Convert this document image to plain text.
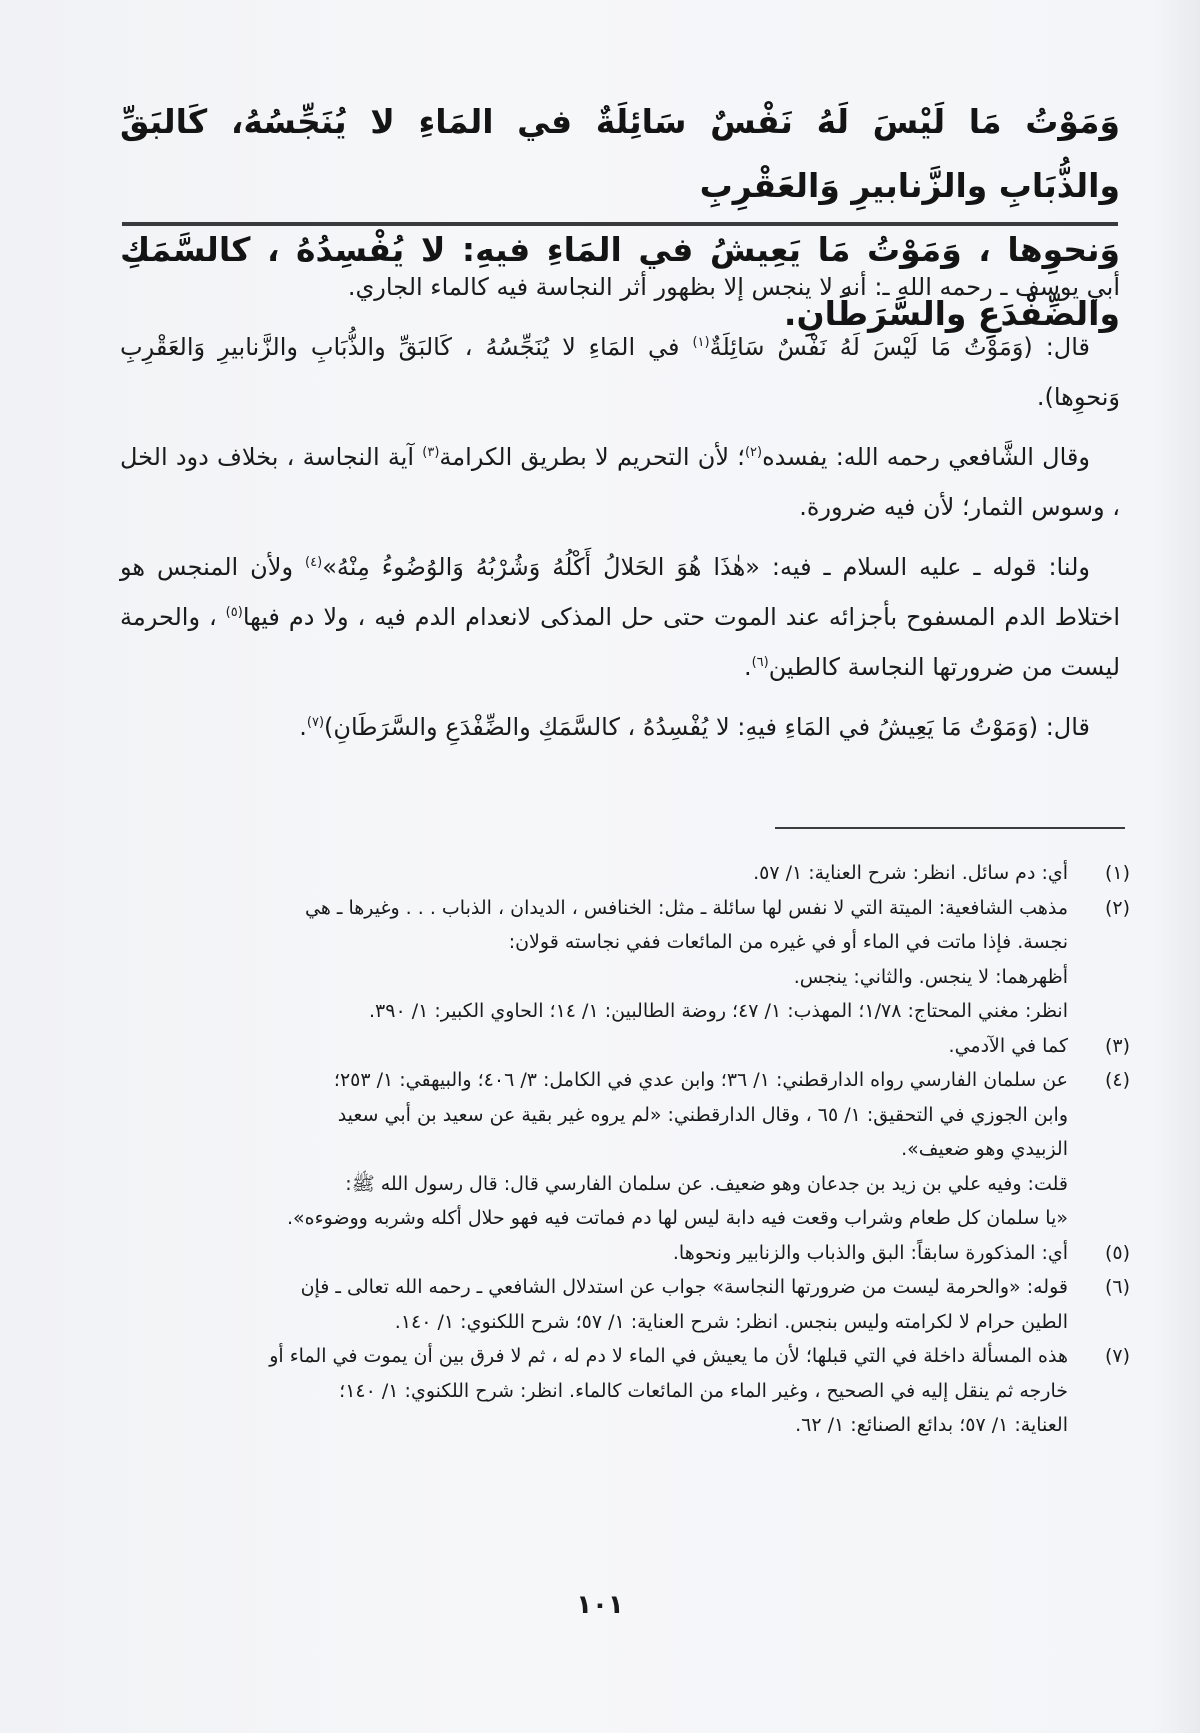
وَمَوْتُ مَا لَيْسَ لَهُ نَفْسٌ سَائِلَةٌ في المَاءِ لا يُنَجِّسُهُ، كَالبَقِّ والذُّبَابِ والزَّنابيرِ وَالعَقْرِبِ
وَنحوِها ، وَمَوْتُ مَا يَعِيشُ في المَاءِ فيهِ: لا يُفْسِدُهُ ، كالسَّمَكِ والضِّفْدَعِ والسَّرَطَانِ.

أبي يوسف ـ رحمه الله ـ: أنه لا ينجس إلا بظهور أثر النجاسة فيه كالماء الجاري.

قال: (وَمَوْتُ مَا لَيْسَ لَهُ نَفْسٌ سَائِلَةٌ$^{(١)}$ في المَاءِ لا يُنَجِّسُهُ ، كَالبَقِّ والذُّبَابِ والزَّنابيرِ وَالعَقْرِبِ وَنحوِها).

وقال الشَّافعي رحمه الله: يفسده$^{(٢)}$؛ لأن التحريم لا بطريق الكرامة$^{(٣)}$ آية النجاسة ، بخلاف دود الخل ، وسوس الثمار؛ لأن فيه ضرورة.

ولنا: قوله ـ عليه السلام ـ فيه: «هٰذَا هُوَ الحَلالُ أَكْلُهُ وَشُرْبُهُ وَالوُضُوءُ مِنْهُ»$^{(٤)}$ ولأن المنجس هو اختلاط الدم المسفوح بأجزائه عند الموت حتى حل المذكى لانعدام الدم فيه ، ولا دم فيها$^{(٥)}$ ، والحرمة ليست من ضرورتها النجاسة كالطين$^{(٦)}$.

قال: (وَمَوْتُ مَا يَعِيشُ في المَاءِ فيهِ: لا يُفْسِدُهُ ، كالسَّمَكِ والضِّفْدَعِ والسَّرَطَانِ)$^{(٧)}$.

(١)
أي: دم سائل. انظر: شرح العناية: ١/ ٥٧.
(٢)
مذهب الشافعية: الميتة التي لا نفس لها سائلة ـ مثل: الخنافس ، الديدان ، الذباب . . . وغيرها ـ هي
نجسة. فإذا ماتت في الماء أو في غيره من المائعات ففي نجاسته قولان:
أظهرهما: لا ينجس. والثاني: ينجس.
انظر: مغني المحتاج: ١/٧٨؛ المهذب: ١/ ٤٧؛ روضة الطالبين: ١/ ١٤؛ الحاوي الكبير: ١/ ٣٩٠.
(٣)
كما في الآدمي.
(٤)
عن سلمان الفارسي رواه الدارقطني: ١/ ٣٦؛ وابن عدي في الكامل: ٣/ ٤٠٦؛ والبيهقي: ١/ ٢٥٣؛
وابن الجوزي في التحقيق: ١/ ٦٥ ، وقال الدارقطني: «لم يروه غير بقية عن سعيد بن أبي سعيد
الزبيدي وهو ضعيف».
قلت: وفيه علي بن زيد بن جدعان وهو ضعيف. عن سلمان الفارسي قال: قال رسول الله ﷺ:
«يا سلمان كل طعام وشراب وقعت فيه دابة ليس لها دم فماتت فيه فهو حلال أكله وشربه ووضوءه».
(٥)
أي: المذكورة سابقاً: البق والذباب والزنابير ونحوها.
(٦)
قوله: «والحرمة ليست من ضرورتها النجاسة» جواب عن استدلال الشافعي ـ رحمه الله تعالى ـ فإن
الطين حرام لا لكرامته وليس بنجس. انظر: شرح العناية: ١/ ٥٧؛ شرح اللكنوي: ١/ ١٤٠.
(٧)
هذه المسألة داخلة في التي قبلها؛ لأن ما يعيش في الماء لا دم له ، ثم لا فرق بين أن يموت في الماء أو
خارجه ثم ينقل إليه في الصحيح ، وغير الماء من المائعات كالماء. انظر: شرح اللكنوي: ١/ ١٤٠؛
العناية: ١/ ٥٧؛ بدائع الصنائع: ١/ ٦٢.
١٠١
